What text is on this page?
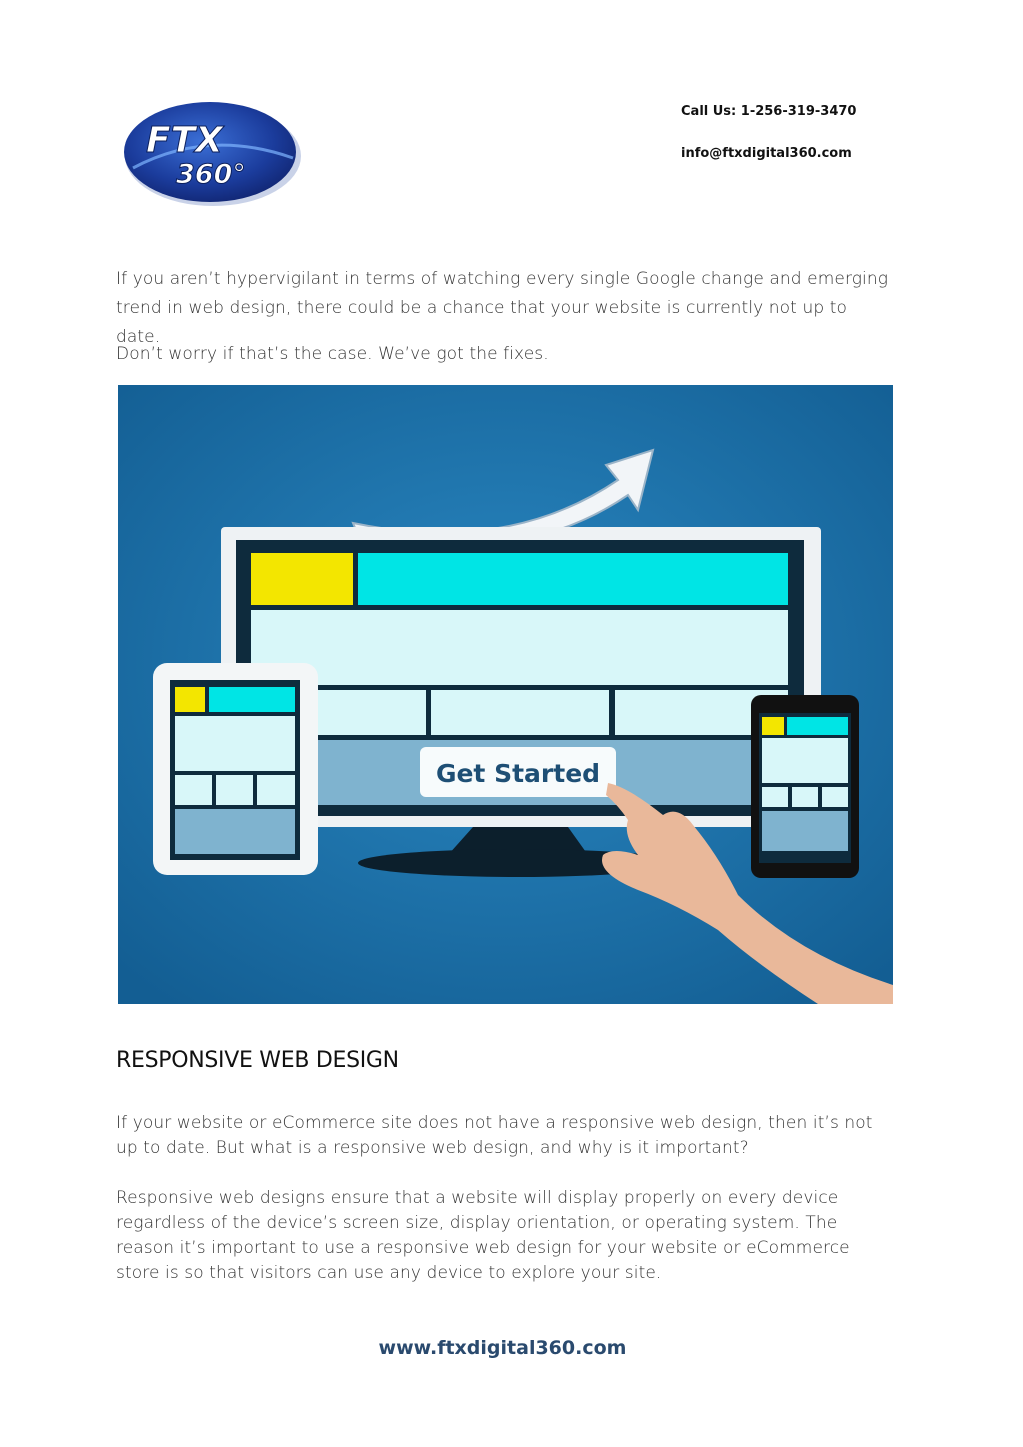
FTX
360°
Call Us: 1-256-319-3470
info@ftxdigital360.com

If you aren’t hypervigilant in terms of watching every single Google change and emerging trend in web design, there could be a chance that your website is currently not up to date.

Don’t worry if that’s the case. We’ve got the fixes.

Get Started
RESPONSIVE WEB DESIGN

If your website or eCommerce site does not have a responsive web design, then it’s not up to date. But what is a responsive web design, and why is it important?

Responsive web designs ensure that a website will display properly on every device regardless of the device’s screen size, display orientation, or operating system. The reason it’s important to use a responsive web design for your website or eCommerce store is so that visitors can use any device to explore your site.

www.ftxdigital360.com
